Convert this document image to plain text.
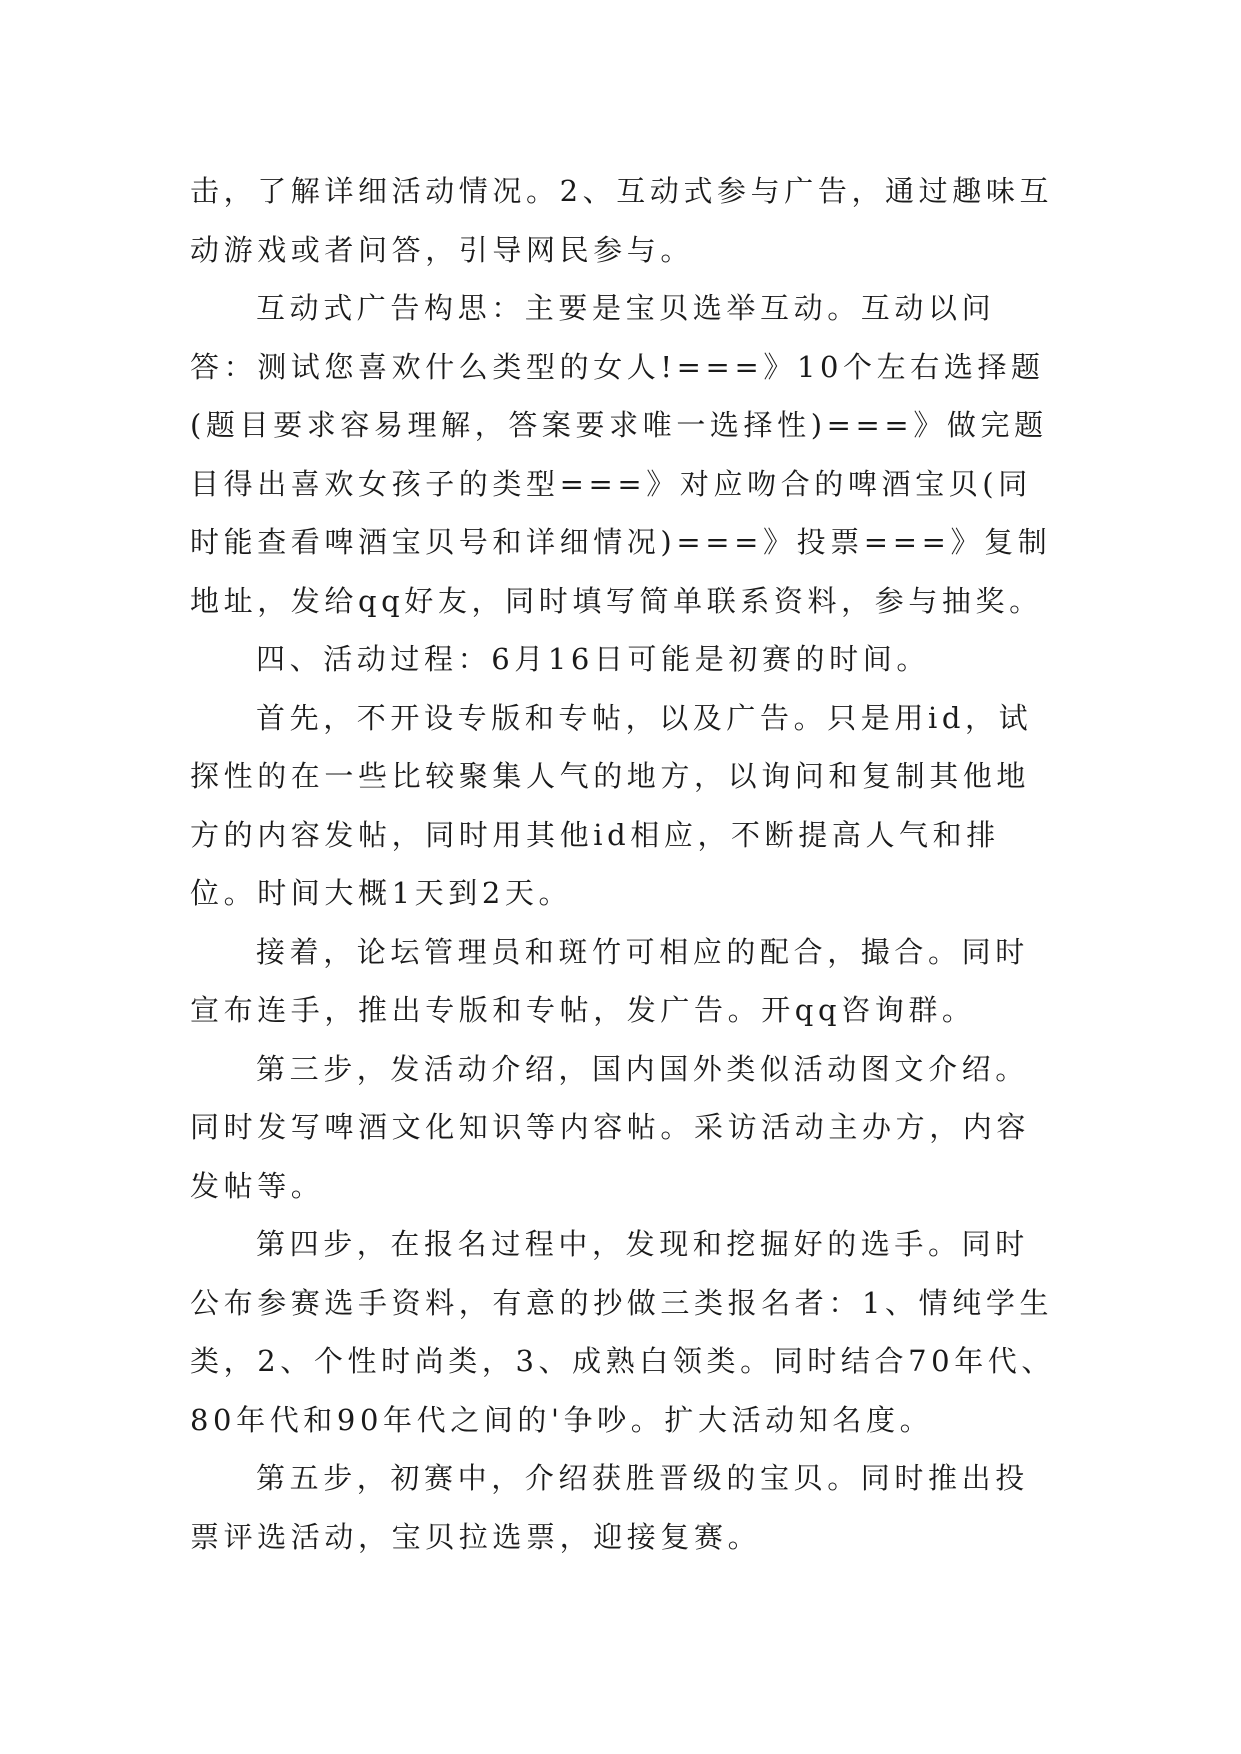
击，了解详细活动情况。2、互动式参与广告，通过趣味互动游戏或者问答，引导网民参与。

互动式广告构思：主要是宝贝选举互动。互动以问答：测试您喜欢什么类型的女人!===》10个左右选择题(题目要求容易理解，答案要求唯一选择性)===》做完题目得出喜欢女孩子的类型===》对应吻合的啤酒宝贝(同时能查看啤酒宝贝号和详细情况)===》投票===》复制地址，发给qq好友，同时填写简单联系资料，参与抽奖。

四、活动过程：6月16日可能是初赛的时间。

首先，不开设专版和专帖，以及广告。只是用id，试探性的在一些比较聚集人气的地方，以询问和复制其他地方的内容发帖，同时用其他id相应，不断提高人气和排位。时间大概1天到2天。

接着，论坛管理员和斑竹可相应的配合，撮合。同时宣布连手，推出专版和专帖，发广告。开qq咨询群。

第三步，发活动介绍，国内国外类似活动图文介绍。同时发写啤酒文化知识等内容帖。采访活动主办方，内容发帖等。

第四步，在报名过程中，发现和挖掘好的选手。同时公布参赛选手资料，有意的抄做三类报名者：1、情纯学生类，2、个性时尚类，3、成熟白领类。同时结合70年代、80年代和90年代之间的'争吵。扩大活动知名度。

第五步，初赛中，介绍获胜晋级的宝贝。同时推出投票评选活动，宝贝拉选票，迎接复赛。
